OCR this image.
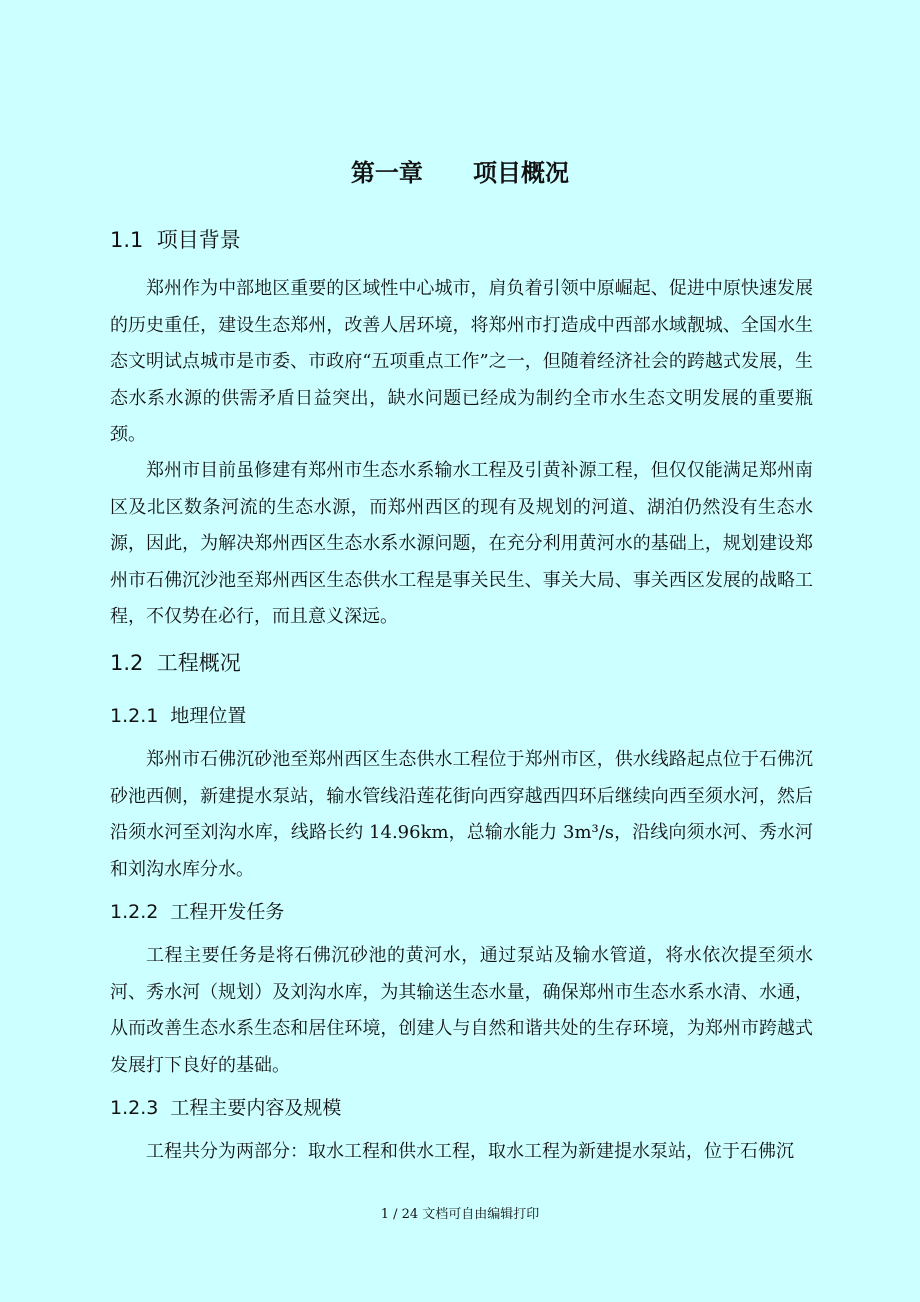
第一章      项目概况
1.1  项目背景

郑州作为中部地区重要的区域性中心城市，肩负着引领中原崛起、促进中原快速发展的历史重任，建设生态郑州，改善人居环境，将郑州市打造成中西部水域靓城、全国水生态文明试点城市是市委、市政府“五项重点工作”之一，但随着经济社会的跨越式发展，生态水系水源的供需矛盾日益突出，缺水问题已经成为制约全市水生态文明发展的重要瓶颈。

郑州市目前虽修建有郑州市生态水系输水工程及引黄补源工程，但仅仅能满足郑州南区及北区数条河流的生态水源，而郑州西区的现有及规划的河道、湖泊仍然没有生态水源，因此，为解决郑州西区生态水系水源问题，在充分利用黄河水的基础上，规划建设郑州市石佛沉沙池至郑州西区生态供水工程是事关民生、事关大局、事关西区发展的战略工程，不仅势在必行，而且意义深远。

1.2  工程概况
1.2.1  地理位置

郑州市石佛沉砂池至郑州西区生态供水工程位于郑州市区，供水线路起点位于石佛沉砂池西侧，新建提水泵站，输水管线沿莲花街向西穿越西四环后继续向西至须水河，然后沿须水河至刘沟水库，线路长约 14.96km，总输水能力 3m³/s，沿线向须水河、秀水河和刘沟水库分水。

1.2.2  工程开发任务

工程主要任务是将石佛沉砂池的黄河水，通过泵站及输水管道，将水依次提至须水河、秀水河（规划）及刘沟水库，为其输送生态水量，确保郑州市生态水系水清、水通，从而改善生态水系生态和居住环境，创建人与自然和谐共处的生存环境，为郑州市跨越式发展打下良好的基础。

1.2.3  工程主要内容及规模

工程共分为两部分：取水工程和供水工程，取水工程为新建提水泵站，位于石佛沉

1 / 24 文档可自由编辑打印
